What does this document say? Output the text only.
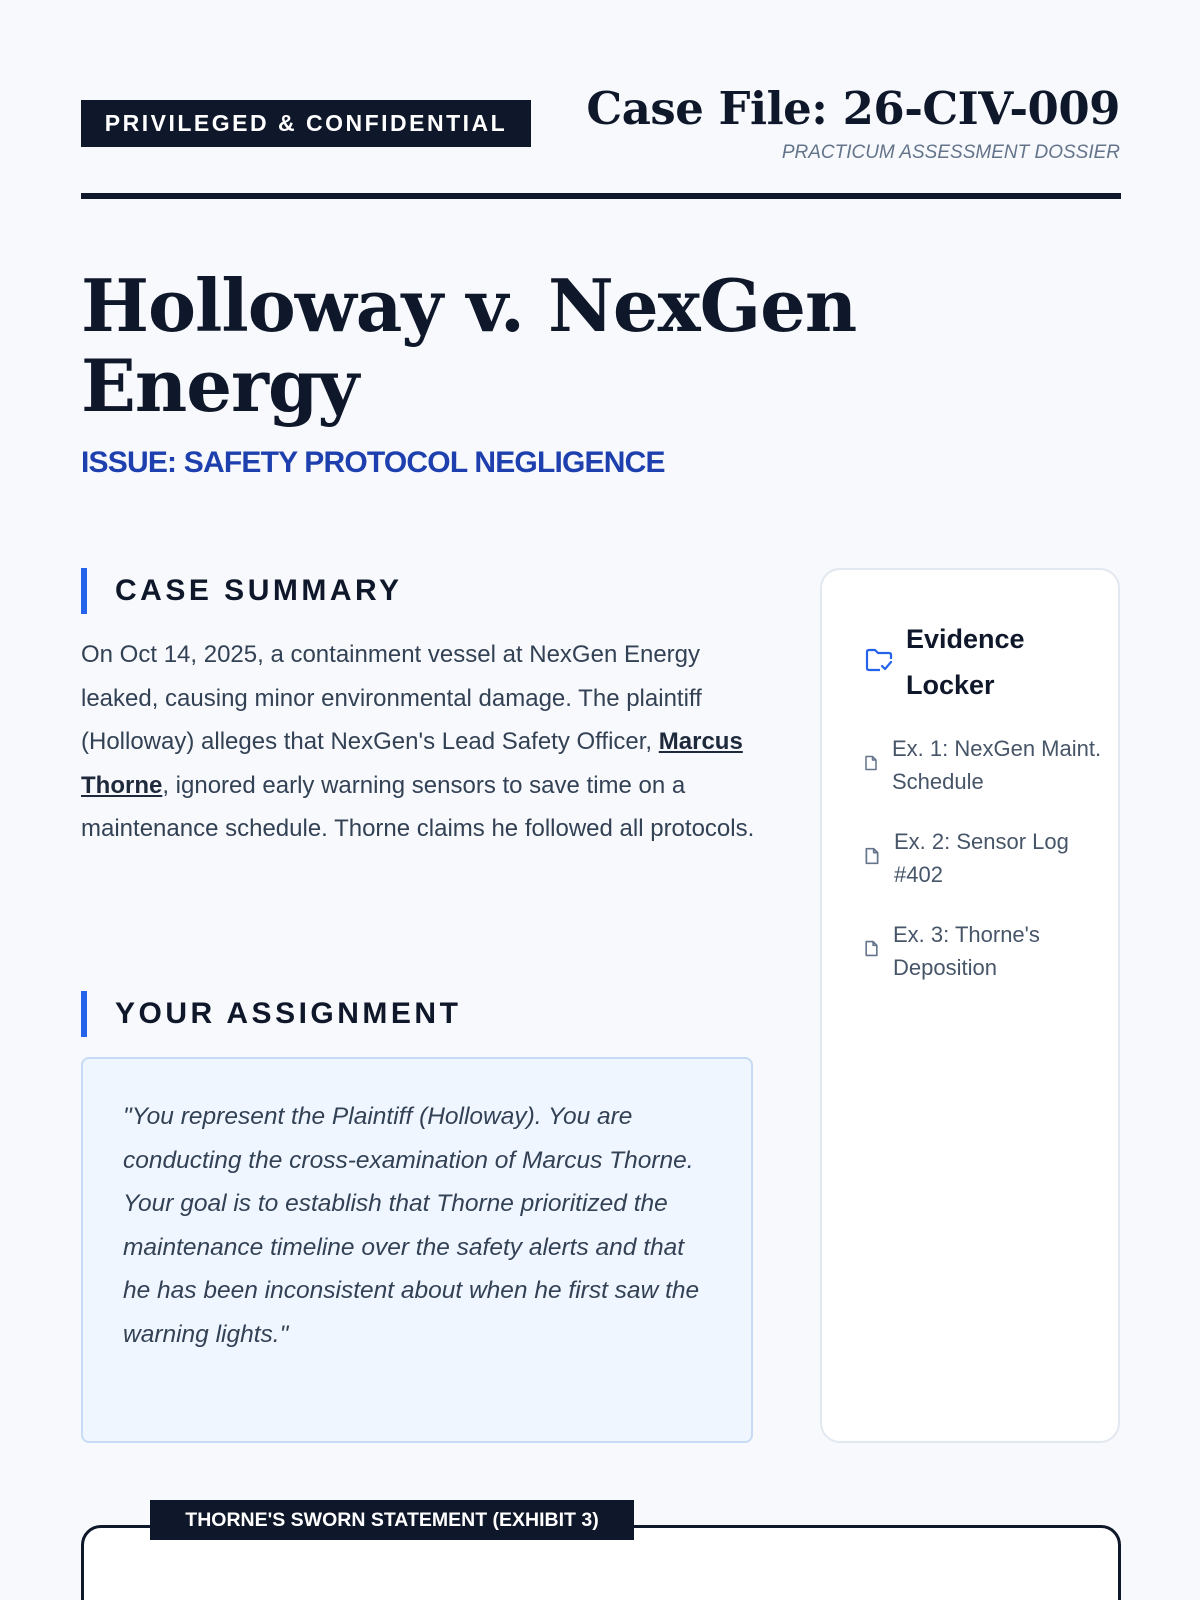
PRIVILEGED & CONFIDENTIAL	Case File: 26-CIV-009
PRACTICUM ASSESSMENT DOSSIER
Holloway v. NexGen Energy
ISSUE: SAFETY PROTOCOL NEGLIGENCE
CASE SUMMARY

On Oct 14, 2025, a containment vessel at NexGen Energy leaked, causing minor environmental damage. The plaintiff (Holloway) alleges that NexGen's Lead Safety Officer, Marcus Thorne, ignored early warning sensors to save time on a maintenance schedule. Thorne claims he followed all protocols.

YOUR ASSIGNMENT

"You represent the Plaintiff (Holloway). You are conducting the cross-examination of Marcus Thorne. Your goal is to establish that Thorne prioritized the maintenance timeline over the safety alerts and that he has been inconsistent about when he first saw the warning lights."

Evidence Locker
Ex. 1: NexGen Maint. Schedule
Ex. 2: Sensor Log #402
Ex. 3: Thorne's Deposition
THORNE'S SWORN STATEMENT (EXHIBIT 3)
